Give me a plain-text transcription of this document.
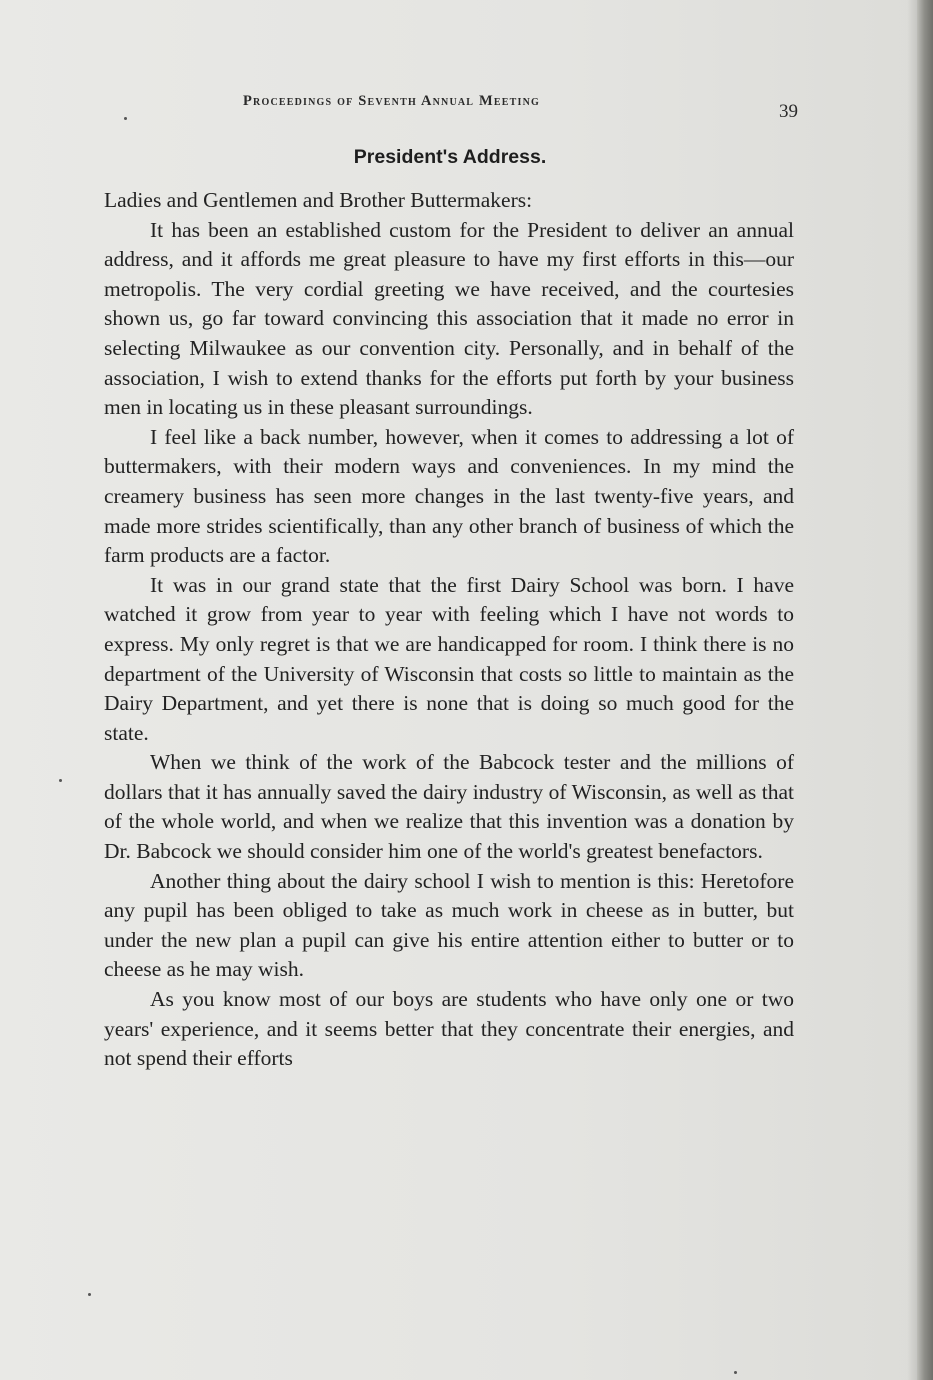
Proceedings of Seventh Annual Meeting	39
President's Address.

Ladies and Gentlemen and Brother Buttermakers:

It has been an established custom for the President to deliver an annual address, and it affords me great pleasure to have my first efforts in this—our metropolis. The very cordial greeting we have received, and the courtesies shown us, go far toward convincing this association that it made no error in selecting Milwaukee as our convention city. Personally, and in behalf of the association, I wish to extend thanks for the efforts put forth by your business men in locating us in these pleasant surroundings.

I feel like a back number, however, when it comes to addressing a lot of buttermakers, with their modern ways and conveniences. In my mind the creamery business has seen more changes in the last twenty-five years, and made more strides scientifically, than any other branch of business of which the farm products are a factor.

It was in our grand state that the first Dairy School was born. I have watched it grow from year to year with feeling which I have not words to express. My only regret is that we are handicapped for room. I think there is no department of the University of Wisconsin that costs so little to maintain as the Dairy Department, and yet there is none that is doing so much good for the state.

When we think of the work of the Babcock tester and the millions of dollars that it has annually saved the dairy industry of Wisconsin, as well as that of the whole world, and when we realize that this invention was a donation by Dr. Babcock we should consider him one of the world's greatest benefactors.

Another thing about the dairy school I wish to mention is this: Heretofore any pupil has been obliged to take as much work in cheese as in butter, but under the new plan a pupil can give his entire attention either to butter or to cheese as he may wish.

As you know most of our boys are students who have only one or two years' experience, and it seems better that they concentrate their energies, and not spend their efforts
